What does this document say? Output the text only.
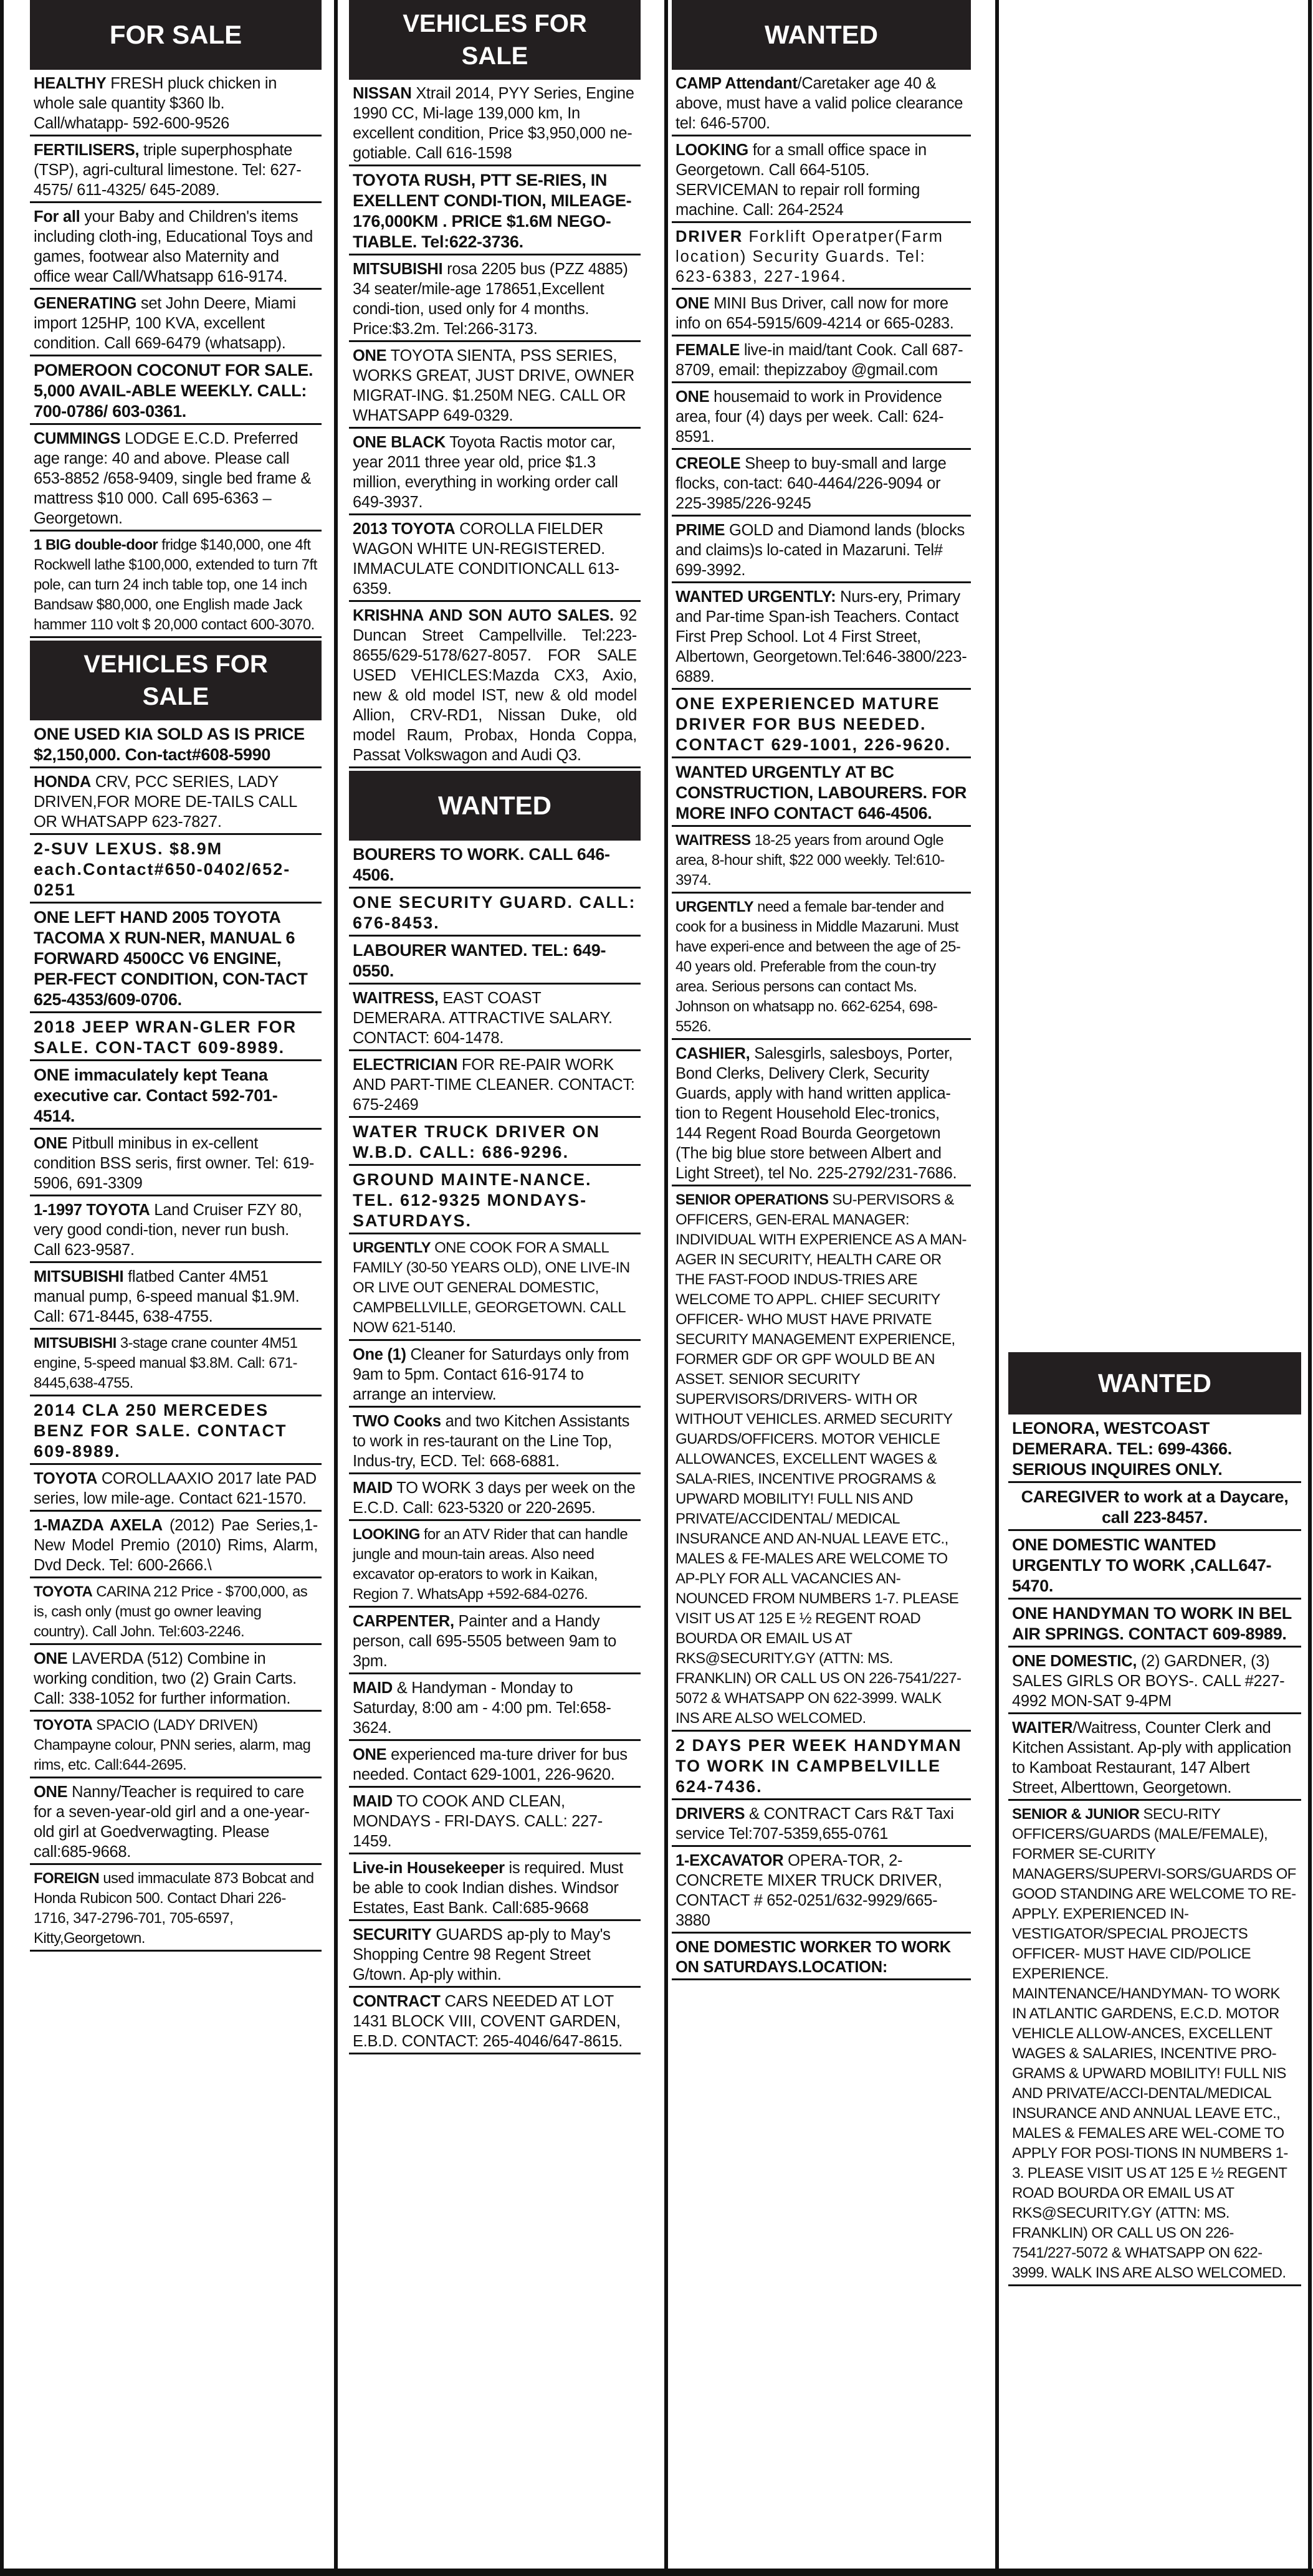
FOR SALE
HEALTHY FRESH pluck chicken in whole sale quantity $360 lb. Call/whatapp- 592-600-9526
FERTILISERS, triple superphosphate (TSP), agri-cultural limestone. Tel: 627-4575/ 611-4325/ 645-2089.
For all your Baby and Children's items including cloth-ing, Educational Toys and games, footwear also Maternity and office wear Call/Whatsapp 616-9174.
GENERATING set John Deere, Miami import 125HP, 100 KVA, excellent condition. Call 669-6479 (whatsapp).
POMEROON COCONUT FOR SALE. 5,000 AVAIL-ABLE WEEKLY. CALL: 700-0786/ 603-0361.
CUMMINGS LODGE E.C.D. Preferred age range: 40 and above. Please call 653-8852 /658-9409, single bed frame & mattress $10 000. Call 695-6363 – Georgetown.
1 BIG double-door fridge $140,000, one 4ft Rockwell lathe $100,000, extended to turn 7ft pole, can turn 24 inch table top, one 14 inch Bandsaw $80,000, one English made Jack hammer 110 volt $ 20,000 contact 600-3070.
VEHICLES FOR
SALE
ONE USED KIA SOLD AS IS PRICE $2,150,000. Con-tact#608-5990
HONDA CRV, PCC SERIES, LADY DRIVEN,FOR MORE DE-TAILS CALL OR WHATSAPP 623-7827.
2-SUV LEXUS. $8.9M each.Contact#650-0402/652-0251
ONE LEFT HAND 2005 TOYOTA TACOMA X RUN-NER, MANUAL 6 FORWARD 4500CC V6 ENGINE, PER-FECT CONDITION, CON-TACT 625-4353/609-0706.
2018 JEEP WRAN-GLER FOR SALE. CON-TACT 609-8989.
ONE immaculately kept Teana executive car. Contact 592-701-4514.
ONE Pitbull minibus in ex-cellent condition BSS seris, first owner. Tel: 619-5906, 691-3309
1-1997 TOYOTA Land Cruiser FZY 80, very good condi-tion, never run bush. Call 623-9587.
MITSUBISHI flatbed Canter 4M51 manual pump, 6-speed manual $1.9M. Call: 671-8445, 638-4755.
MITSUBISHI 3-stage crane counter 4M51 engine, 5-speed manual $3.8M. Call: 671-8445,638-4755.
2014 CLA 250 MERCEDES BENZ FOR SALE. CONTACT 609-8989.
TOYOTA COROLLAAXIO 2017 late PAD series, low mile-age. Contact 621-1570.
1-MAZDA AXELA (2012) Pae Series,1- New Model Premio (2010) Rims, Alarm, Dvd Deck. Tel: 600-2666.\
TOYOTA CARINA 212 Price - $700,000, as is, cash only (must go owner leaving country). Call John. Tel:603-2246.
ONE LAVERDA (512) Combine in working condition, two (2) Grain Carts. Call: 338-1052 for further information.
TOYOTA SPACIO (LADY DRIVEN) Champayne colour, PNN series, alarm, mag rims, etc. Call:644-2695.
ONE Nanny/Teacher is required to care for a seven-year-old girl and a one-year-old girl at Goedverwagting. Please call:685-9668.
FOREIGN used immaculate 873 Bobcat and Honda Rubicon 500. Contact Dhari 226-1716, 347-2796-701, 705-6597, Kitty,Georgetown.
VEHICLES FOR
SALE
NISSAN Xtrail 2014, PYY Series, Engine 1990 CC, Mi-lage 139,000 km, In excellent condition, Price $3,950,000 ne-gotiable. Call 616-1598
TOYOTA RUSH, PTT SE-RIES, IN EXELLENT CONDI-TION, MILEAGE-176,000KM . PRICE $1.6M NEGO-TIABLE. Tel:622-3736.
MITSUBISHI rosa 2205 bus (PZZ 4885) 34 seater/mile-age 178651,Excellent condi-tion, used only for 4 months. Price:$3.2m. Tel:266-3173.
ONE TOYOTA SIENTA, PSS SERIES, WORKS GREAT, JUST DRIVE, OWNER MIGRAT-ING. $1.250M NEG. CALL OR WHATSAPP 649-0329.
ONE BLACK Toyota Ractis motor car, year 2011 three year old, price $1.3 million, everything in working order call 649-3937.
2013 TOYOTA COROLLA FIELDER WAGON WHITE UN-REGISTERED. IMMACULATE CONDITIONCALL 613-6359.
KRISHNA AND SON AUTO SALES. 92 Duncan Street Campellville. Tel:223-8655/629-5178/627-8057. FOR SALE USED VEHICLES:Mazda CX3, Axio, new & old model IST, new & old model Allion, CRV-RD1, Nissan Duke, old model Raum, Probax, Honda Coppa, Passat Volkswagon and Audi Q3.
WANTED
BOURERS TO WORK. CALL 646-4506.
ONE SECURITY GUARD. CALL: 676-8453.
LABOURER WANTED. TEL: 649-0550.
WAITRESS, EAST COAST DEMERARA. ATTRACTIVE SALARY. CONTACT: 604-1478.
ELECTRICIAN FOR RE-PAIR WORK AND PART-TIME CLEANER. CONTACT: 675-2469
WATER TRUCK DRIVER ON W.B.D. CALL: 686-9296.
GROUND MAINTE-NANCE. TEL. 612-9325 MONDAYS-SATURDAYS.
URGENTLY ONE COOK FOR A SMALL FAMILY (30-50 YEARS OLD), ONE LIVE-IN OR LIVE OUT GENERAL DOMESTIC, CAMPBELLVILLE, GEORGETOWN. CALL NOW 621-5140.
One (1) Cleaner for Saturdays only from 9am to 5pm. Contact 616-9174 to arrange an interview.
TWO Cooks and two Kitchen Assistants to work in res-taurant on the Line Top, Indus-try, ECD. Tel: 668-6881.
MAID TO WORK 3 days per week on the E.C.D. Call: 623-5320 or 220-2695.
LOOKING for an ATV Rider that can handle jungle and moun-tain areas. Also need excavator op-erators to work in Kaikan, Region 7. WhatsApp +592-684-0276.
CARPENTER, Painter and a Handy person, call 695-5505 between 9am to 3pm.
MAID & Handyman - Monday to Saturday, 8:00 am - 4:00 pm. Tel:658-3624.
ONE experienced ma-ture driver for bus needed. Contact 629-1001, 226-9620.
MAID TO COOK AND CLEAN, MONDAYS - FRI-DAYS. CALL: 227-1459.
Live-in Housekeeper is required. Must be able to cook Indian dishes. Windsor Estates, East Bank. Call:685-9668
SECURITY GUARDS ap-ply to May's Shopping Centre 98 Regent Street G/town. Ap-ply within.
CONTRACT CARS NEEDED AT LOT 1431 BLOCK VIII, COVENT GARDEN, E.B.D. CONTACT: 265-4046/647-8615.
WANTED
CAMP Attendant/Caretaker age 40 & above, must have a valid police clearance tel: 646-5700.
LOOKING for a small office space in Georgetown. Call 664-5105. SERVICEMAN to repair roll forming machine. Call: 264-2524
DRIVER Forklift Operatper(Farm location) Security Guards. Tel: 623-6383, 227-1964.
ONE MINI Bus Driver, call now for more info on 654-5915/609-4214 or 665-0283.
FEMALE live-in maid/tant Cook. Call 687-8709, email: thepizzaboy @gmail.com
ONE housemaid to work in Providence area, four (4) days per week. Call: 624-8591.
CREOLE Sheep to buy-small and large flocks, con-tact: 640-4464/226-9094 or 225-3985/226-9245
PRIME GOLD and Diamond lands (blocks and claims)s lo-cated in Mazaruni. Tel# 699-3992.
WANTED URGENTLY: Nurs-ery, Primary and Par-time Span-ish Teachers. Contact First Prep School. Lot 4 First Street, Albertown, Georgetown.Tel:646-3800/223-6889.
ONE EXPERIENCED MATURE DRIVER FOR BUS NEEDED. CONTACT 629-1001, 226-9620.
WANTED URGENTLY AT BC CONSTRUCTION, LABOURERS. FOR MORE INFO CONTACT 646-4506.
WAITRESS 18-25 years from around Ogle area, 8-hour shift, $22 000 weekly. Tel:610-3974.
URGENTLY need a female bar-tender and cook for a business in Middle Mazaruni. Must have experi-ence and between the age of 25-40 years old. Preferable from the coun-try area. Serious persons can contact Ms. Johnson on whatsapp no. 662-6254, 698-5526.
CASHIER, Salesgirls, salesboys, Porter, Bond Clerks, Delivery Clerk, Security Guards, apply with hand written applica-tion to Regent Household Elec-tronics, 144 Regent Road Bourda Georgetown (The big blue store between Albert and Light Street), tel No. 225-2792/231-7686.
SENIOR OPERATIONS SU-PERVISORS & OFFICERS, GEN-ERAL MANAGER: INDIVIDUAL WITH EXPERIENCE AS A MAN-AGER IN SECURITY, HEALTH CARE OR THE FAST-FOOD INDUS-TRIES ARE WELCOME TO APPL. CHIEF SECURITY OFFICER- WHO MUST HAVE PRIVATE SECURITY MANAGEMENT EXPERIENCE, FORMER GDF OR GPF WOULD BE AN ASSET. SENIOR SECURITY SUPERVISORS/DRIVERS- WITH OR WITHOUT VEHICLES. ARMED SECURITY GUARDS/OFFICERS. MOTOR VEHICLE ALLOWANCES, EXCELLENT WAGES & SALA-RIES, INCENTIVE PROGRAMS & UPWARD MOBILITY! FULL NIS AND PRIVATE/ACCIDENTAL/ MEDICAL INSURANCE AND AN-NUAL LEAVE ETC., MALES & FE-MALES ARE WELCOME TO AP-PLY FOR ALL VACANCIES AN-NOUNCED FROM NUMBERS 1-7. PLEASE VISIT US AT 125 E ½ REGENT ROAD BOURDA OR EMAIL US AT RKS@SECURITY.GY (ATTN: MS. FRANKLIN) OR CALL US ON 226-7541/227-5072 & WHATSAPP ON 622-3999. WALK INS ARE ALSO WELCOMED.
2 DAYS PER WEEK HANDYMAN TO WORK IN CAMPBELVILLE 624-7436.
DRIVERS & CONTRACT Cars R&T Taxi service Tel:707-5359,655-0761
1-EXCAVATOR OPERA-TOR, 2- CONCRETE MIXER TRUCK DRIVER, CONTACT # 652-0251/632-9929/665-3880
ONE DOMESTIC WORKER TO WORK ON SATURDAYS.LOCATION:
WANTED
LEONORA, WESTCOAST DEMERARA. TEL: 699-4366. SERIOUS INQUIRES ONLY.
CAREGIVER to work at a Daycare, call 223-8457.
ONE DOMESTIC WANTED URGENTLY TO WORK ,CALL647-5470.
ONE HANDYMAN TO WORK IN BEL AIR SPRINGS. CONTACT 609-8989.
ONE DOMESTIC, (2) GARDNER, (3) SALES GIRLS OR BOYS-. CALL #227-4992 MON-SAT 9-4PM
WAITER/Waitress, Counter Clerk and Kitchen Assistant. Ap-ply with application to Kamboat Restaurant, 147 Albert Street, Alberttown, Georgetown.
SENIOR & JUNIOR SECU-RITY OFFICERS/GUARDS (MALE/FEMALE), FORMER SE-CURITY MANAGERS/SUPERVI-SORS/GUARDS OF GOOD STANDING ARE WELCOME TO RE-APPLY. EXPERIENCED IN-VESTIGATOR/SPECIAL PROJECTS OFFICER- MUST HAVE CID/POLICE EXPERIENCE. MAINTENANCE/HANDYMAN- TO WORK IN ATLANTIC GARDENS, E.C.D. MOTOR VEHICLE ALLOW-ANCES, EXCELLENT WAGES & SALARIES, INCENTIVE PRO-GRAMS & UPWARD MOBILITY! FULL NIS AND PRIVATE/ACCI-DENTAL/MEDICAL INSURANCE AND ANNUAL LEAVE ETC., MALES & FEMALES ARE WEL-COME TO APPLY FOR POSI-TIONS IN NUMBERS 1-3. PLEASE VISIT US AT 125 E ½ REGENT ROAD BOURDA OR EMAIL US AT RKS@SECURITY.GY (ATTN: MS. FRANKLIN) OR CALL US ON 226-7541/227-5072 & WHATSAPP ON 622-3999. WALK INS ARE ALSO WELCOMED.
